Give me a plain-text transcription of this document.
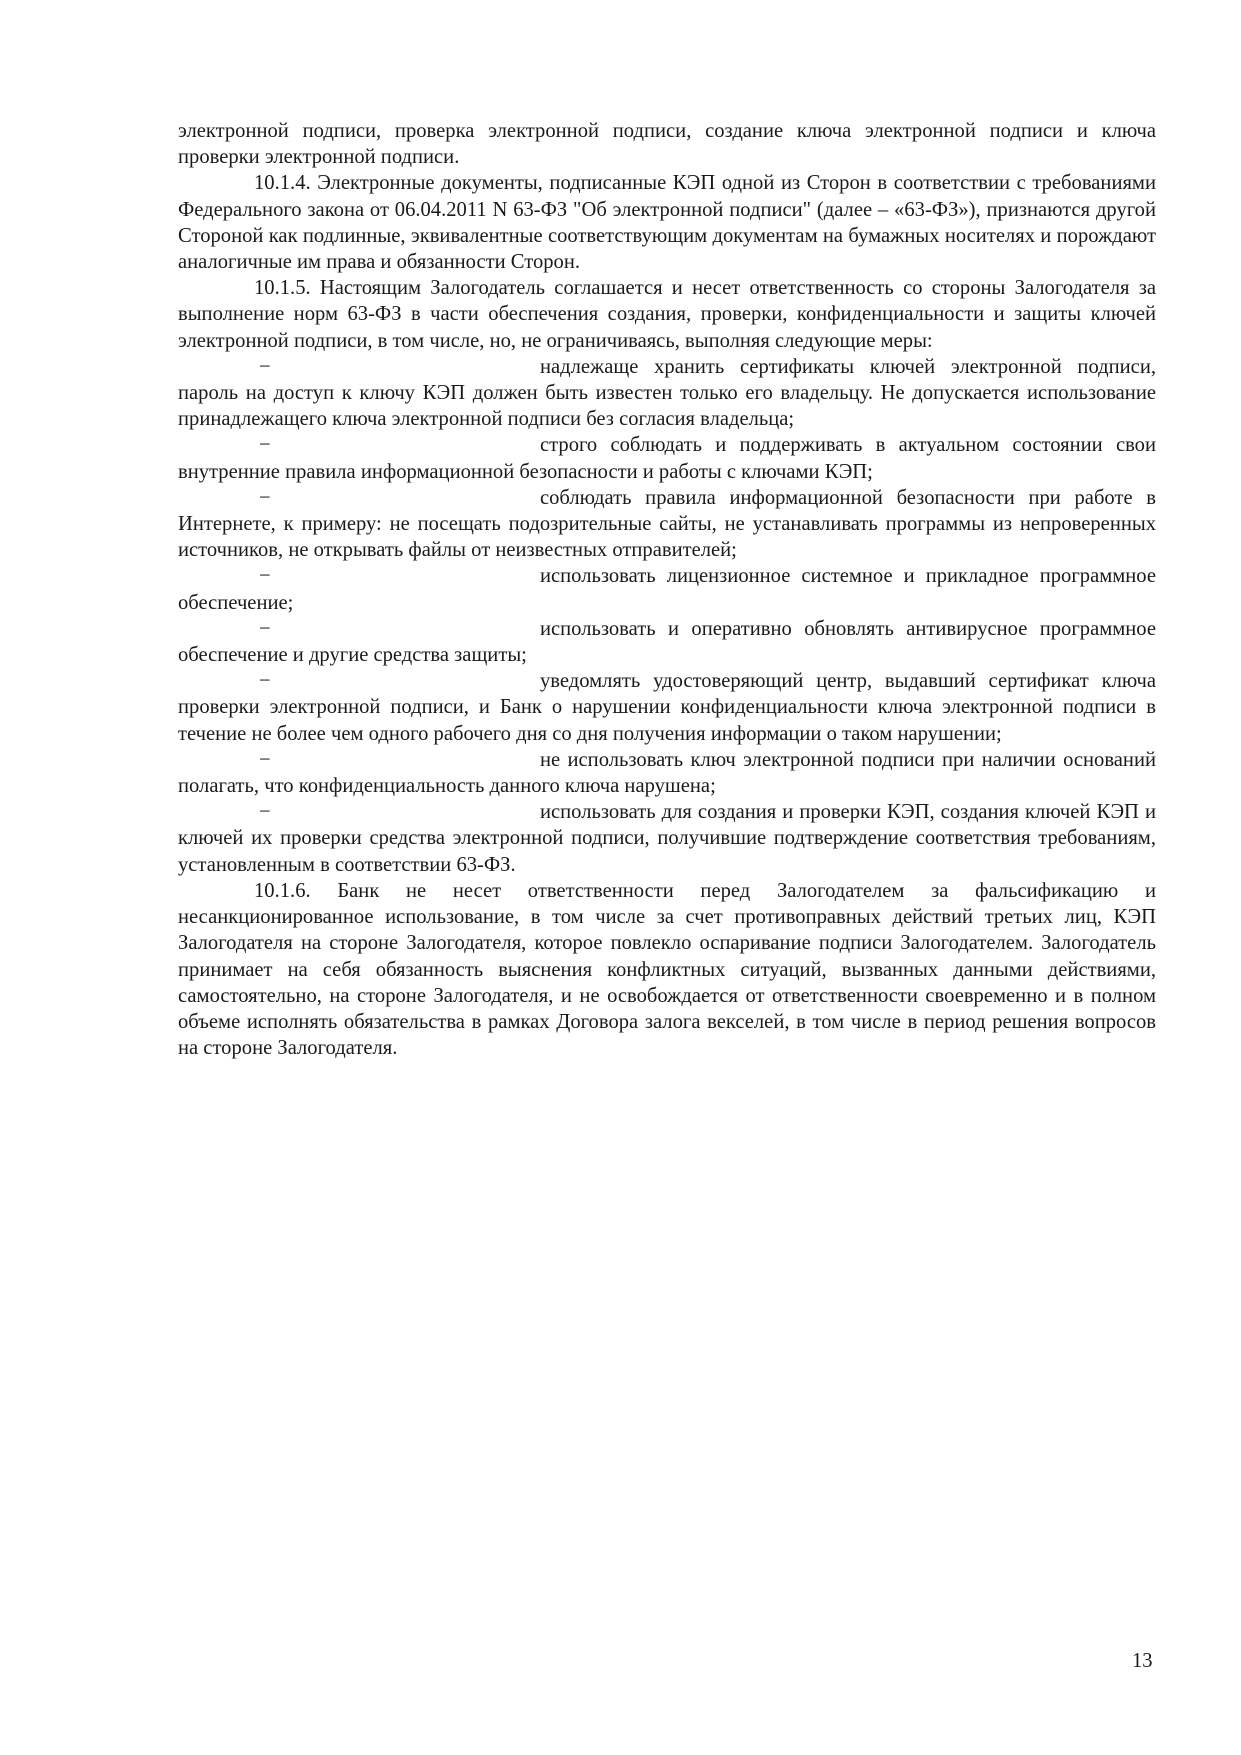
электронной подписи, проверка электронной подписи, создание ключа электронной подписи и ключа проверки электронной подписи.

10.1.4. Электронные документы, подписанные КЭП одной из Сторон в соответствии с требованиями Федерального закона от 06.04.2011 N 63-ФЗ "Об электронной подписи" (далее – «63-ФЗ»), признаются другой Стороной как подлинные, эквивалентные соответствующим документам на бумажных носителях и порождают аналогичные им права и обязанности Сторон.

10.1.5. Настоящим Залогодатель соглашается и несет ответственность со стороны Залогодателя за выполнение норм 63-ФЗ в части обеспечения создания, проверки, конфиденциальности и защиты ключей электронной подписи, в том числе, но, не ограничиваясь, выполняя следующие меры:

−	надлежаще хранить сертификаты ключей электронной подписи, пароль на доступ к ключу КЭП должен быть известен только его владельцу. Не допускается использование принадлежащего ключа электронной подписи без согласия владельца;

−	строго соблюдать и поддерживать в актуальном состоянии свои внутренние правила информационной безопасности и работы с ключами КЭП;

−	соблюдать правила информационной безопасности при работе в Интернете, к примеру: не посещать подозрительные сайты, не устанавливать программы из непроверенных источников, не открывать файлы от неизвестных отправителей;

−	использовать лицензионное системное и прикладное программное обеспечение;

−	использовать и оперативно обновлять антивирусное программное обеспечение и другие средства защиты;

−	уведомлять удостоверяющий центр, выдавший сертификат ключа проверки электронной подписи, и Банк о нарушении конфиденциальности ключа электронной подписи в течение не более чем одного рабочего дня со дня получения информации о таком нарушении;

−	не использовать ключ электронной подписи при наличии оснований полагать, что конфиденциальность данного ключа нарушена;

−	использовать для создания и проверки КЭП, создания ключей КЭП и ключей их проверки средства электронной подписи, получившие подтверждение соответствия требованиям, установленным в соответствии 63-ФЗ.

10.1.6. Банк не несет ответственности перед Залогодателем за фальсификацию и несанкционированное использование, в том числе за счет противоправных действий третьих лиц, КЭП Залогодателя на стороне Залогодателя, которое повлекло оспаривание подписи Залогодателем. Залогодатель принимает на себя обязанность выяснения конфликтных ситуаций, вызванных данными действиями, самостоятельно, на стороне Залогодателя, и не освобождается от ответственности своевременно и в полном объеме исполнять обязательства в рамках Договора залога векселей, в том числе в период решения вопросов на стороне Залогодателя.

13
